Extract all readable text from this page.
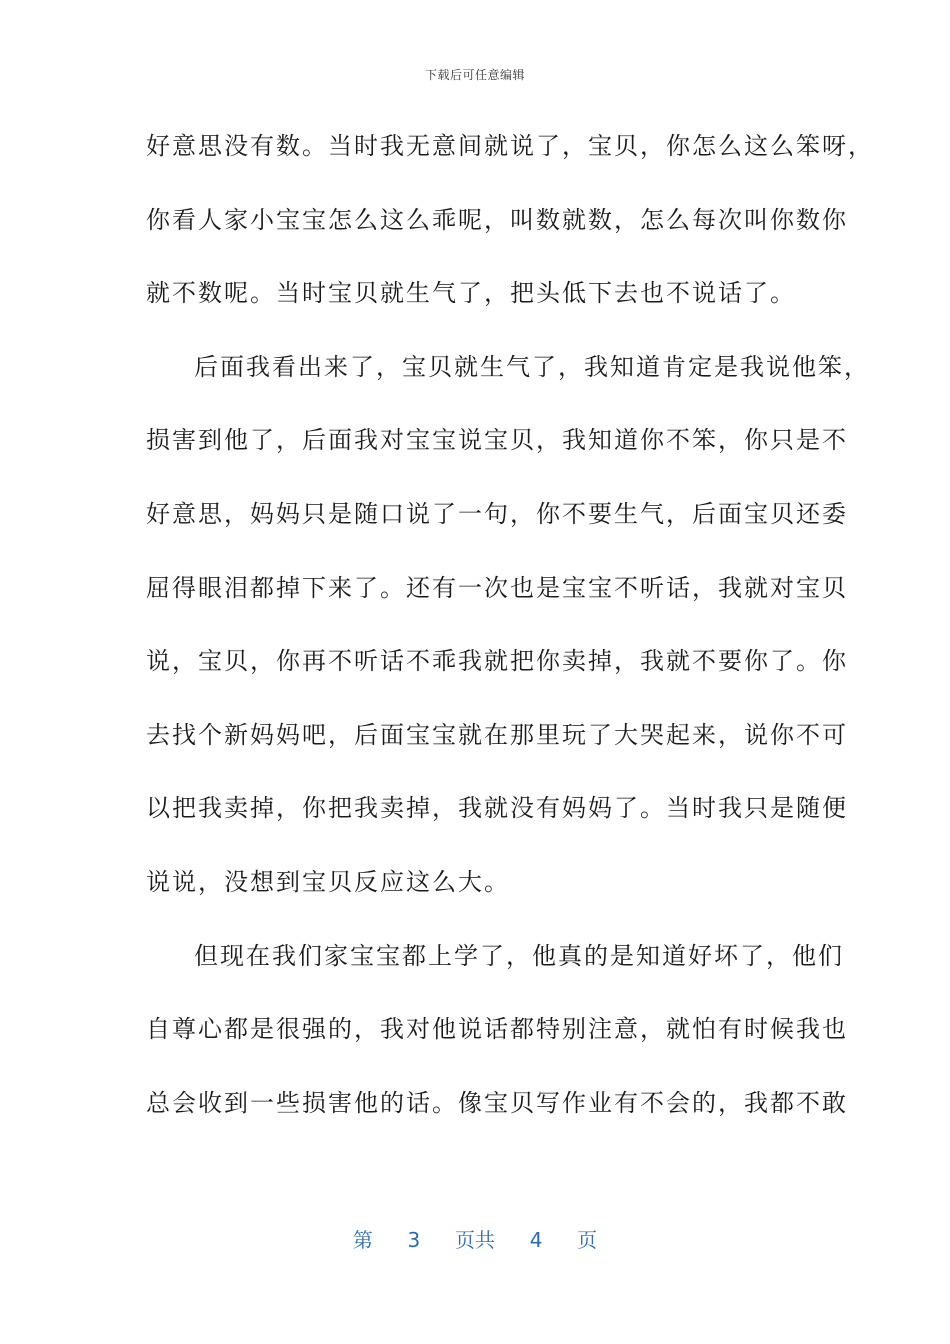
下载后可任意编辑
好意思没有数。当时我无意间就说了，宝贝，你怎么这么笨呀，
你看人家小宝宝怎么这么乖呢，叫数就数，怎么每次叫你数你
就不数呢。当时宝贝就生气了，把头低下去也不说话了。
后面我看出来了，宝贝就生气了，我知道肯定是我说他笨，
损害到他了，后面我对宝宝说宝贝，我知道你不笨，你只是不
好意思，妈妈只是随口说了一句，你不要生气，后面宝贝还委
屈得眼泪都掉下来了。还有一次也是宝宝不听话，我就对宝贝
说，宝贝，你再不听话不乖我就把你卖掉，我就不要你了。你
去找个新妈妈吧，后面宝宝就在那里玩了大哭起来，说你不可
以把我卖掉，你把我卖掉，我就没有妈妈了。当时我只是随便
说说，没想到宝贝反应这么大。
但现在我们家宝宝都上学了，他真的是知道好坏了，他们
自尊心都是很强的，我对他说话都特别注意，就怕有时候我也
总会收到一些损害他的话。像宝贝写作业有不会的，我都不敢
第 3 页共 4 页
